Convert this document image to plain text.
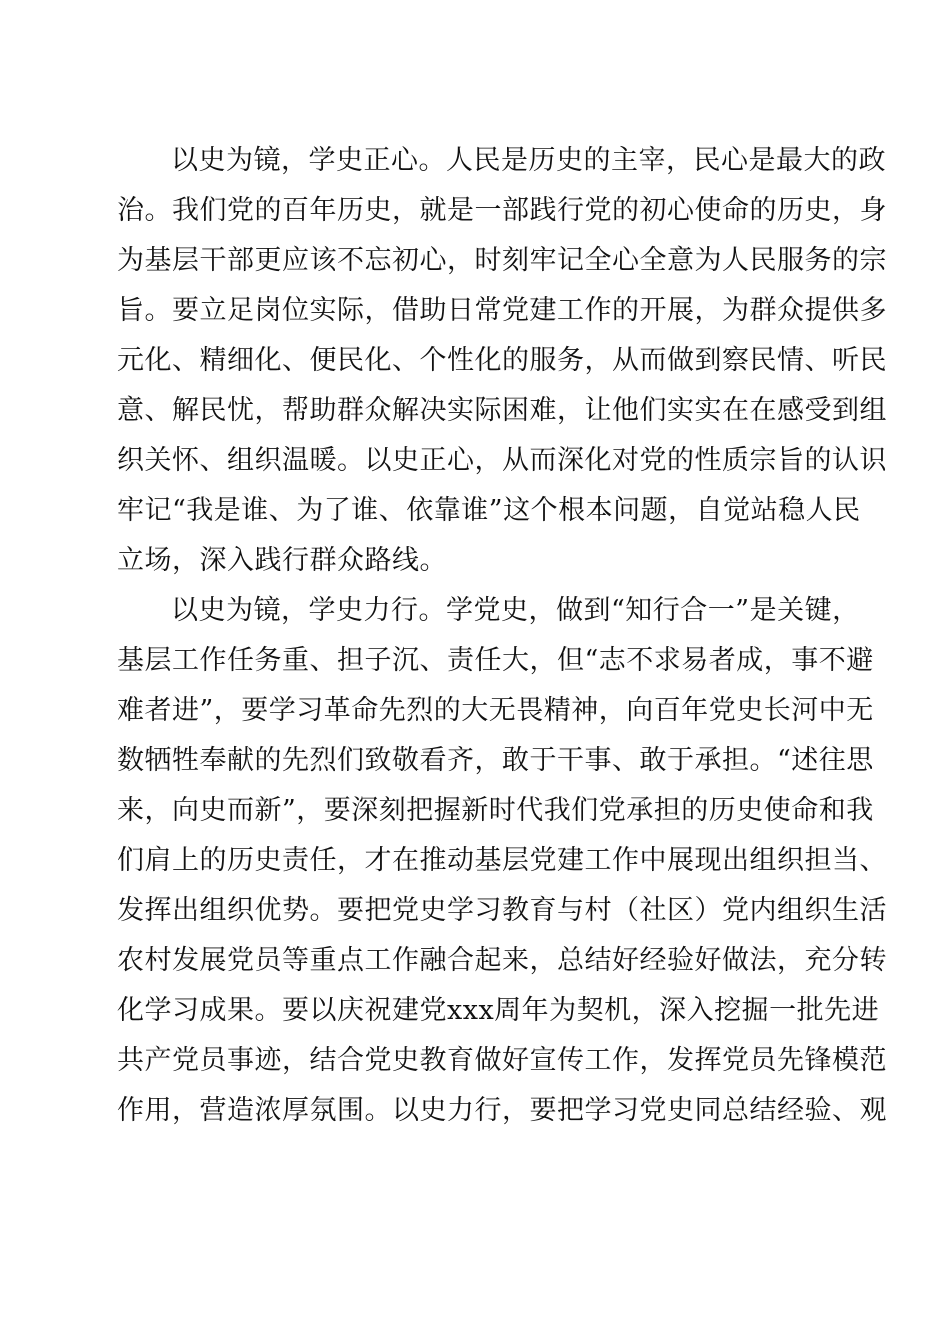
以史为镜，学史正心。人民是历史的主宰，民心是最大的政
治。我们党的百年历史，就是一部践行党的初心使命的历史，身
为基层干部更应该不忘初心，时刻牢记全心全意为人民服务的宗
旨。要立足岗位实际，借助日常党建工作的开展，为群众提供多
元化、精细化、便民化、个性化的服务，从而做到察民情、听民
意、解民忧，帮助群众解决实际困难，让他们实实在在感受到组
织关怀、组织温暖。以史正心，从而深化对党的性质宗旨的认识
牢记“我是谁、为了谁、依靠谁”这个根本问题，自觉站稳人民
立场，深入践行群众路线。
以史为镜，学史力行。学党史，做到“知行合一”是关键，
基层工作任务重、担子沉、责任大，但“志不求易者成，事不避
难者进”，要学习革命先烈的大无畏精神，向百年党史长河中无
数牺牲奉献的先烈们致敬看齐，敢于干事、敢于承担。“述往思
来，向史而新”，要深刻把握新时代我们党承担的历史使命和我
们肩上的历史责任，才在推动基层党建工作中展现出组织担当、
发挥出组织优势。要把党史学习教育与村（社区）党内组织生活
农村发展党员等重点工作融合起来，总结好经验好做法，充分转
化学习成果。要以庆祝建党xxx周年为契机，深入挖掘一批先进
共产党员事迹，结合党史教育做好宣传工作，发挥党员先锋模范
作用，营造浓厚氛围。以史力行，要把学习党史同总结经验、观
